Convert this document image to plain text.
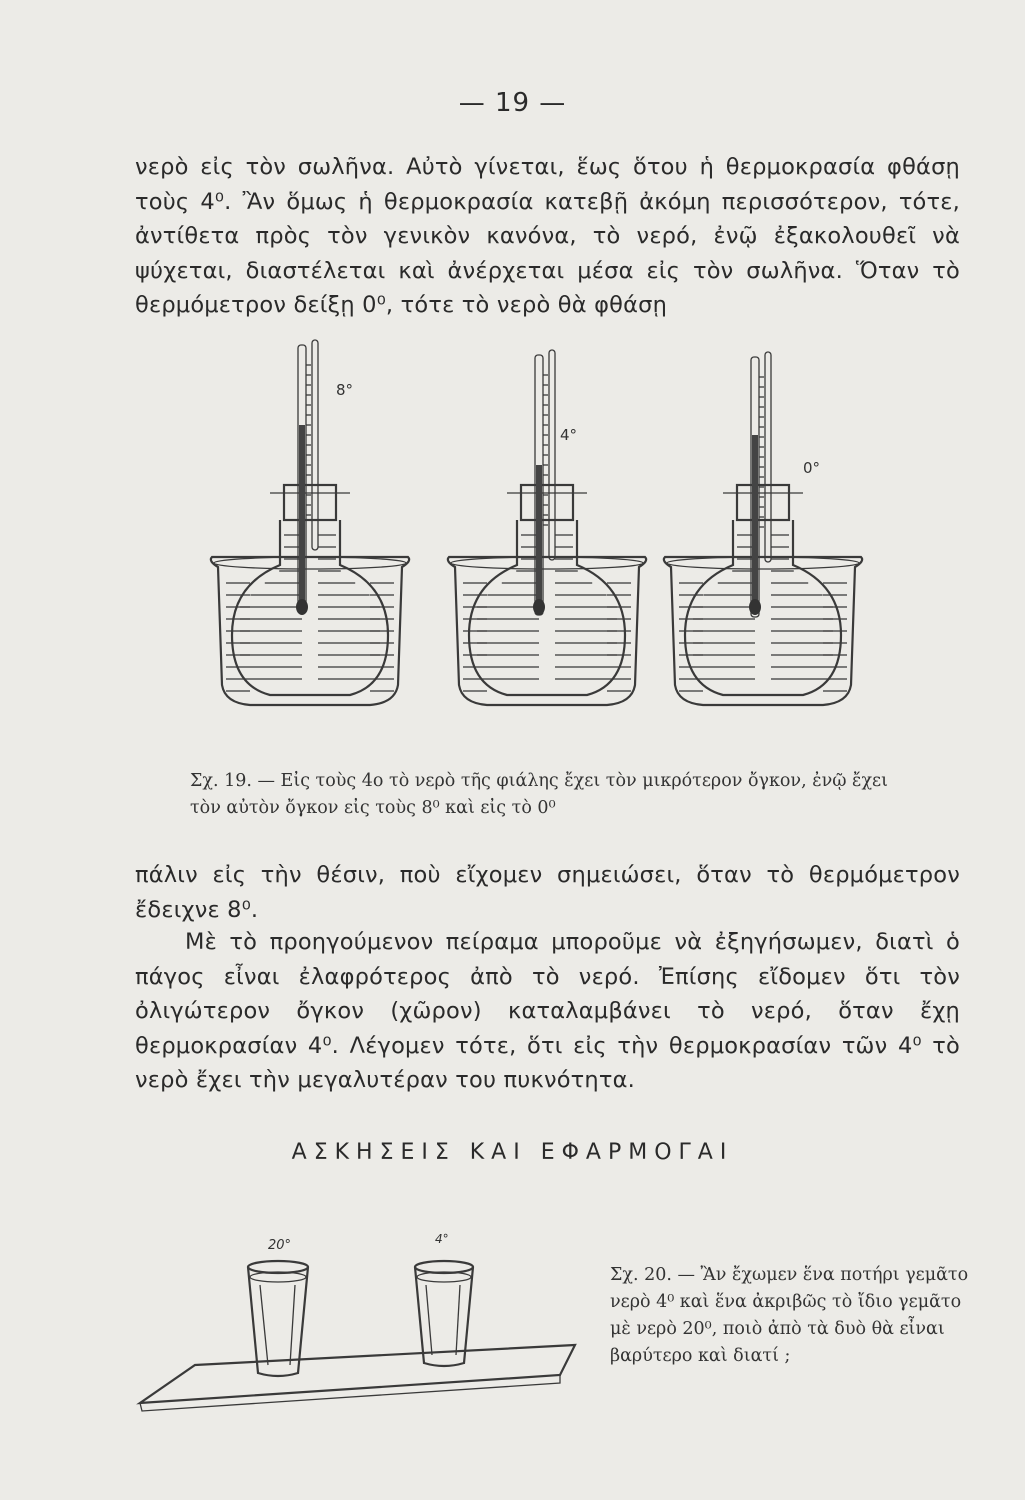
— 19 —
νερὸ εἰς τὸν σωλῆνα. Αὐτὸ γίνεται, ἕως ὅτου ἡ θερμοκρασία φθάσῃ τοὺς 4⁰. Ἂν ὅμως ἡ θερμοκρασία κατεβῇ ἀκόμη περισσότερον, τότε, ἀντίθετα πρὸς τὸν γενικὸν κανόνα, τὸ νερό, ἐνῷ ἐξακολουθεῖ νὰ ψύχεται, διαστέλεται καὶ ἀνέρχεται μέσα εἰς τὸν σωλῆνα. Ὅταν τὸ θερμόμετρον δείξῃ 0⁰, τότε τὸ νερὸ θὰ φθάσῃ
8°
4°
0°
Σχ. 19. — Εἰς τοὺς 4ο τὸ νερὸ τῆς φιάλης ἔχει τὸν μικρότερον ὄγκον, ἐνῷ ἔχει τὸν αὐτὸν ὄγκον εἰς τοὺς 8⁰ καὶ εἰς τὸ 0⁰
πάλιν εἰς τὴν θέσιν, ποὺ εἴχομεν σημειώσει, ὅταν τὸ θερμόμετρον ἔδειχνε 8⁰.
Μὲ τὸ προηγούμενον πείραμα μποροῦμε νὰ ἐξηγήσωμεν, διατὶ ὁ πάγος εἶναι ἐλαφρότερος ἀπὸ τὸ νερό. Ἐπίσης εἴδομεν ὅτι τὸν ὀλιγώτερον ὄγκον (χῶρον) καταλαμβάνει τὸ νερό, ὅταν ἔχῃ θερμοκρασίαν 4⁰. Λέγομεν τότε, ὅτι εἰς τὴν θερμοκρασίαν τῶν 4⁰ τὸ νερὸ ἔχει τὴν μεγαλυτέραν του πυκνότητα.
ΑΣΚΗΣΕΙΣ ΚΑΙ ΕΦΑΡΜΟΓΑΙ
20°	4°
Σχ. 20. — Ἂν ἔχωμεν ἕνα ποτήρι γεμᾶτο νερὸ 4⁰ καὶ ἕνα ἀκριβῶς τὸ ἴδιο γεμᾶτο μὲ νερὸ 20⁰, ποιὸ ἀπὸ τὰ δυὸ θὰ εἶναι βαρύτερο καὶ διατί ;
